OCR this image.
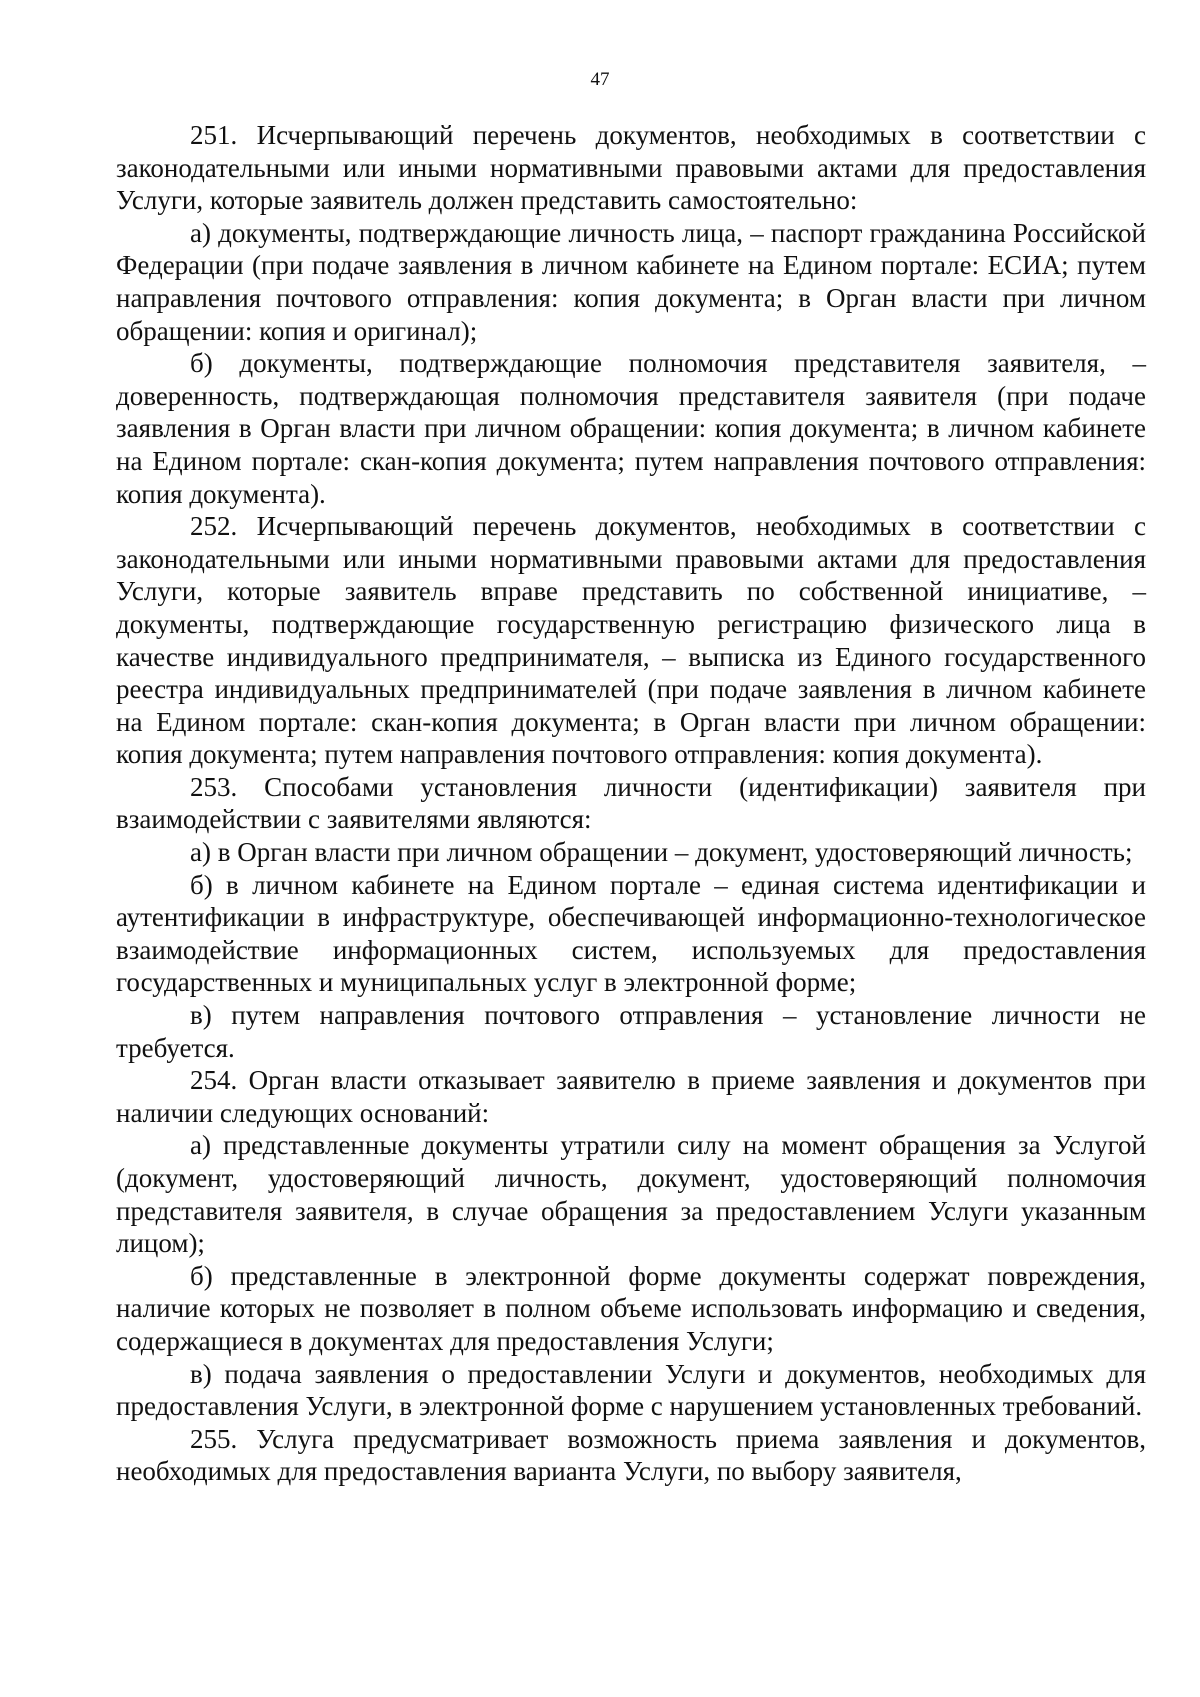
47

251. Исчерпывающий перечень документов, необходимых в соответствии с законодательными или иными нормативными правовыми актами для предоставления Услуги, которые заявитель должен представить самостоятельно:

а) документы, подтверждающие личность лица, – паспорт гражданина Российской Федерации (при подаче заявления в личном кабинете на Едином портале: ЕСИА; путем направления почтового отправления: копия документа; в Орган власти при личном обращении: копия и оригинал);

б) документы, подтверждающие полномочия представителя заявителя, – доверенность, подтверждающая полномочия представителя заявителя (при подаче заявления в Орган власти при личном обращении: копия документа; в личном кабинете на Едином портале: скан-копия документа; путем направления почтового отправления: копия документа).

252. Исчерпывающий перечень документов, необходимых в соответствии с законодательными или иными нормативными правовыми актами для предоставления Услуги, которые заявитель вправе представить по собственной инициативе, – документы, подтверждающие государственную регистрацию физического лица в качестве индивидуального предпринимателя, – выписка из Единого государственного реестра индивидуальных предпринимателей (при подаче заявления в личном кабинете на Едином портале: скан-копия документа; в Орган власти при личном обращении: копия документа; путем направления почтового отправления: копия документа).

253. Способами установления личности (идентификации) заявителя при взаимодействии с заявителями являются:

а) в Орган власти при личном обращении – документ, удостоверяющий личность;

б) в личном кабинете на Едином портале – единая система идентификации и аутентификации в инфраструктуре, обеспечивающей информационно-технологическое взаимодействие информационных систем, используемых для предоставления государственных и муниципальных услуг в электронной форме;

в) путем направления почтового отправления – установление личности не требуется.

254. Орган власти отказывает заявителю в приеме заявления и документов при наличии следующих оснований:

а) представленные документы утратили силу на момент обращения за Услугой (документ, удостоверяющий личность, документ, удостоверяющий полномочия представителя заявителя, в случае обращения за предоставлением Услуги указанным лицом);

б) представленные в электронной форме документы содержат повреждения, наличие которых не позволяет в полном объеме использовать информацию и сведения, содержащиеся в документах для предоставления Услуги;

в) подача заявления о предоставлении Услуги и документов, необходимых для предоставления Услуги, в электронной форме с нарушением установленных требований.

255. Услуга предусматривает возможность приема заявления и документов, необходимых для предоставления варианта Услуги, по выбору заявителя,
